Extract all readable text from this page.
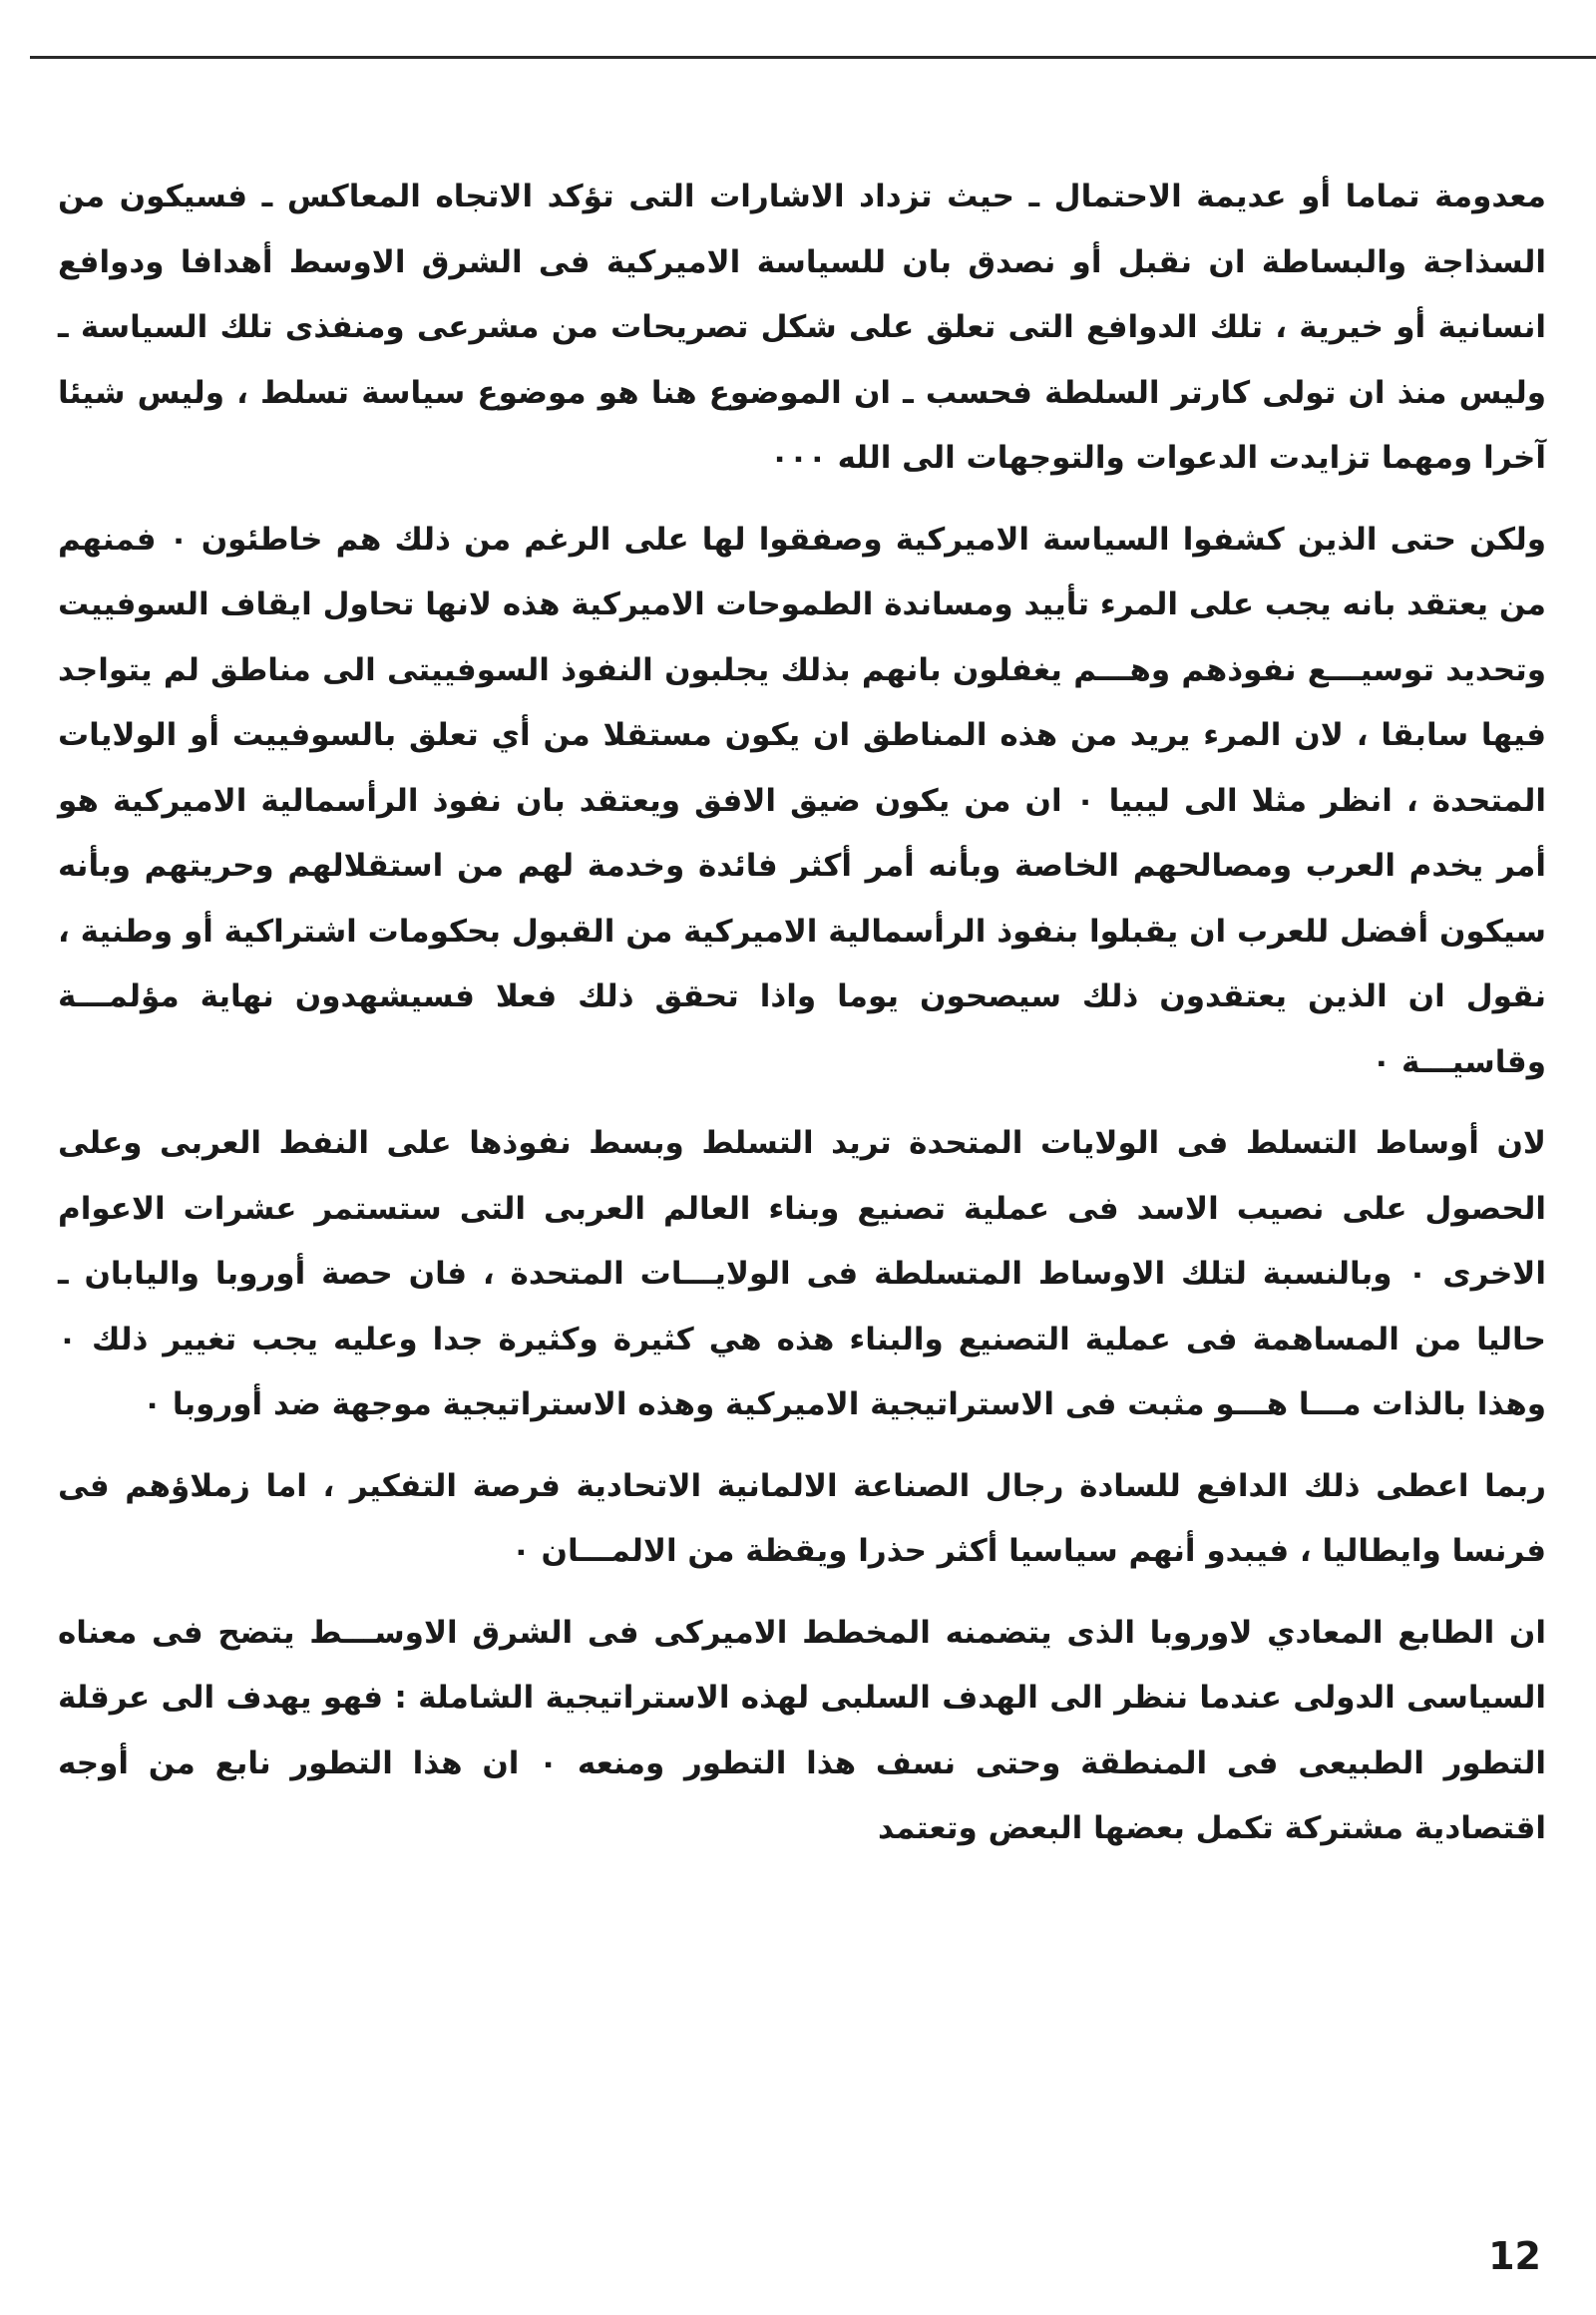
معدومة تماما أو عديمة الاحتمال ـ حيث تزداد الاشارات التى تؤكد الاتجاه المعاكس ـ فسيكون من السذاجة والبساطة ان نقبل أو نصدق بان للسياسة الاميركية فى الشرق الاوسط أهدافا ودوافع انسانية أو خيرية ، تلك الدوافع التى تعلق على شكل تصريحات من مشرعى ومنفذى تلك السياسة ـ وليس منذ ان تولى كارتر السلطة فحسب ـ ان الموضوع هنا هو موضوع سياسة تسلط ، وليس شيئا آخرا ومهما تزايدت الدعوات والتوجهات الى الله ٠٠٠

ولكن حتى الذين كشفوا السياسة الاميركية وصفقوا لها على الرغم من ذلك هم خاطئون ٠ فمنهم من يعتقد بانه يجب على المرء تأييد ومساندة الطموحات الاميركية هذه لانها تحاول ايقاف السوفييت وتحديد توسيـــع نفوذهم وهـــم يغفلون بانهم بذلك يجلبون النفوذ السوفييتى الى مناطق لم يتواجد فيها سابقا ، لان المرء يريد من هذه المناطق ان يكون مستقلا من أي تعلق بالسوفييت أو الولايات المتحدة ، انظر مثلا الى ليبيا ٠ ان من يكون ضيق الافق ويعتقد بان نفوذ الرأسمالية الاميركية هو أمر يخدم العرب ومصالحهم الخاصة وبأنه أمر أكثر فائدة وخدمة لهم من استقلالهم وحريتهم وبأنه سيكون أفضل للعرب ان يقبلوا بنفوذ الرأسمالية الاميركية من القبول بحكومات اشتراكية أو وطنية ، نقول ان الذين يعتقدون ذلك سيصحون يوما واذا تحقق ذلك فعلا فسيشهدون نهاية مؤلمـــة وقاسيـــة ٠

لان أوساط التسلط فى الولايات المتحدة تريد التسلط وبسط نفوذها على النفط العربى وعلى الحصول على نصيب الاسد فى عملية تصنيع وبناء العالم العربى التى ستستمر عشرات الاعوام الاخرى ٠ وبالنسبة لتلك الاوساط المتسلطة فى الولايـــات المتحدة ، فان حصة أوروبا واليابان ـ حاليا من المساهمة فى عملية التصنيع والبناء هذه هي كثيرة وكثيرة جدا وعليه يجب تغيير ذلك ٠ وهذا بالذات مـــا هـــو مثبت فى الاستراتيجية الاميركية وهذه الاستراتيجية موجهة ضد أوروبا ٠

ربما اعطى ذلك الدافع للسادة رجال الصناعة الالمانية الاتحادية فرصة التفكير ، اما زملاؤهم فى فرنسا وايطاليا ، فيبدو أنهم سياسيا أكثر حذرا ويقظة من الالمـــان ٠

ان الطابع المعادي لاوروبا الذى يتضمنه المخطط الاميركى فى الشرق الاوســـط يتضح فى معناه السياسى الدولى عندما ننظر الى الهدف السلبى لهذه الاستراتيجية الشاملة : فهو يهدف الى عرقلة التطور الطبيعى فى المنطقة وحتى نسف هذا التطور ومنعه ٠ ان هذا التطور نابع من أوجه اقتصادية مشتركة تكمل بعضها البعض وتعتمد

12
